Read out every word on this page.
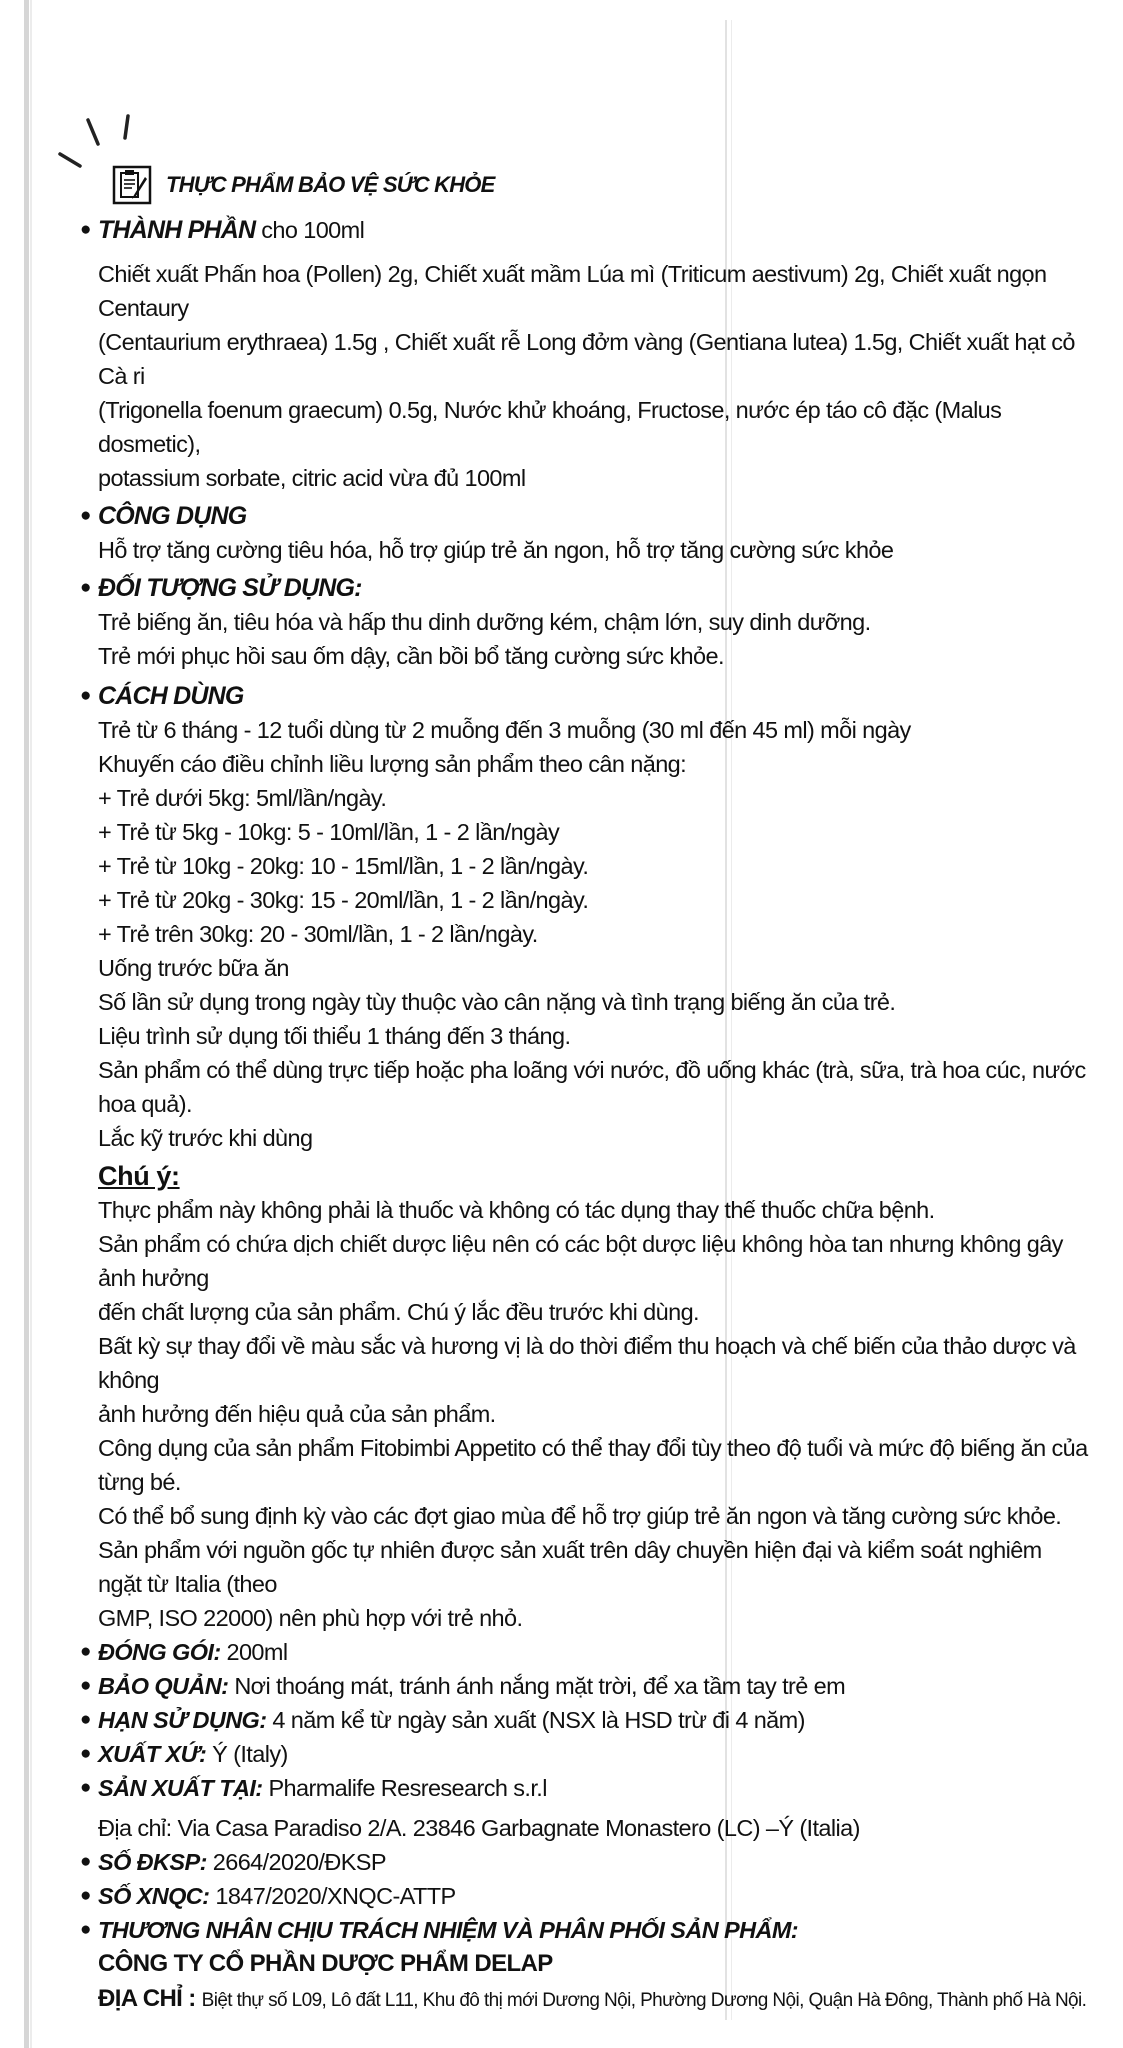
THỰC PHẨM BẢO VỆ SỨC KHỎE

● THÀNH PHẦN cho 100ml

Chiết xuất Phấn hoa (Pollen) 2g, Chiết xuất mầm Lúa mì (Triticum aestivum) 2g, Chiết xuất ngọn Centaury

(Centaurium erythraea) 1.5g , Chiết xuất rễ Long đởm vàng (Gentiana lutea) 1.5g, Chiết xuất hạt cỏ Cà ri

(Trigonella foenum graecum) 0.5g, Nước khử khoáng, Fructose, nước ép táo cô đặc (Malus dosmetic),

potassium sorbate, citric acid vừa đủ 100ml

● CÔNG DỤNG

Hỗ trợ tăng cường tiêu hóa, hỗ trợ giúp trẻ ăn ngon, hỗ trợ tăng cường sức khỏe

● ĐỐI TƯỢNG SỬ DỤNG:

Trẻ biếng ăn, tiêu hóa và hấp thu dinh dưỡng kém, chậm lớn, suy dinh dưỡng.

Trẻ mới phục hồi sau ốm dậy, cần bồi bổ tăng cường sức khỏe.

● CÁCH DÙNG

Trẻ từ 6 tháng - 12 tuổi dùng từ 2 muỗng đến 3 muỗng (30 ml đến 45 ml) mỗi ngày

Khuyến cáo điều chỉnh liều lượng sản phẩm theo cân nặng:

+ Trẻ dưới 5kg: 5ml/lần/ngày.

+ Trẻ từ 5kg - 10kg: 5 - 10ml/lần, 1 - 2 lần/ngày

+ Trẻ từ 10kg - 20kg: 10 - 15ml/lần, 1 - 2 lần/ngày.

+ Trẻ từ 20kg - 30kg: 15 - 20ml/lần, 1 - 2 lần/ngày.

+ Trẻ trên 30kg: 20 - 30ml/lần, 1 - 2 lần/ngày.

Uống trước bữa ăn

Số lần sử dụng trong ngày tùy thuộc vào cân nặng và tình trạng biếng ăn của trẻ.

Liệu trình sử dụng tối thiểu 1 tháng đến 3 tháng.

Sản phẩm có thể dùng trực tiếp hoặc pha loãng với nước, đồ uống khác (trà, sữa, trà hoa cúc, nước hoa quả).

Lắc kỹ trước khi dùng

Chú ý:

Thực phẩm này không phải là thuốc và không có tác dụng thay thế thuốc chữa bệnh.

Sản phẩm có chứa dịch chiết dược liệu nên có các bột dược liệu không hòa tan nhưng không gây ảnh hưởng

đến chất lượng của sản phẩm. Chú ý lắc đều trước khi dùng.

Bất kỳ sự thay đổi về màu sắc và hương vị là do thời điểm thu hoạch và chế biến của thảo dược và không

ảnh hưởng đến hiệu quả của sản phẩm.

Công dụng của sản phẩm Fitobimbi Appetito có thể thay đổi tùy theo độ tuổi và mức độ biếng ăn của

từng bé.

Có thể bổ sung định kỳ vào các đợt giao mùa để hỗ trợ giúp trẻ ăn ngon và tăng cường sức khỏe.

Sản phẩm với nguồn gốc tự nhiên được sản xuất trên dây chuyền hiện đại và kiểm soát nghiêm ngặt từ Italia (theo

GMP, ISO 22000) nên phù hợp với trẻ nhỏ.

● ĐÓNG GÓI: 200ml

● BẢO QUẢN: Nơi thoáng mát, tránh ánh nắng mặt trời, để xa tầm tay trẻ em

● HẠN SỬ DỤNG: 4 năm kể từ ngày sản xuất (NSX là HSD trừ đi 4 năm)

● XUẤT XỨ: Ý (Italy)

● SẢN XUẤT TẠI: Pharmalife Resresearch s.r.l

Địa chỉ: Via Casa Paradiso 2/A. 23846 Garbagnate Monastero (LC) –Ý (Italia)

● SỐ ĐKSP: 2664/2020/ĐKSP

● SỐ XNQC: 1847/2020/XNQC-ATTP

● THƯƠNG NHÂN CHỊU TRÁCH NHIỆM VÀ PHÂN PHỐI SẢN PHẨM:

CÔNG TY CỔ PHẦN DƯỢC PHẨM DELAP

ĐỊA CHỈ : Biệt thự số L09, Lô đất L11, Khu đô thị mới Dương Nội, Phường Dương Nội, Quận Hà Đông, Thành phố Hà Nội.
